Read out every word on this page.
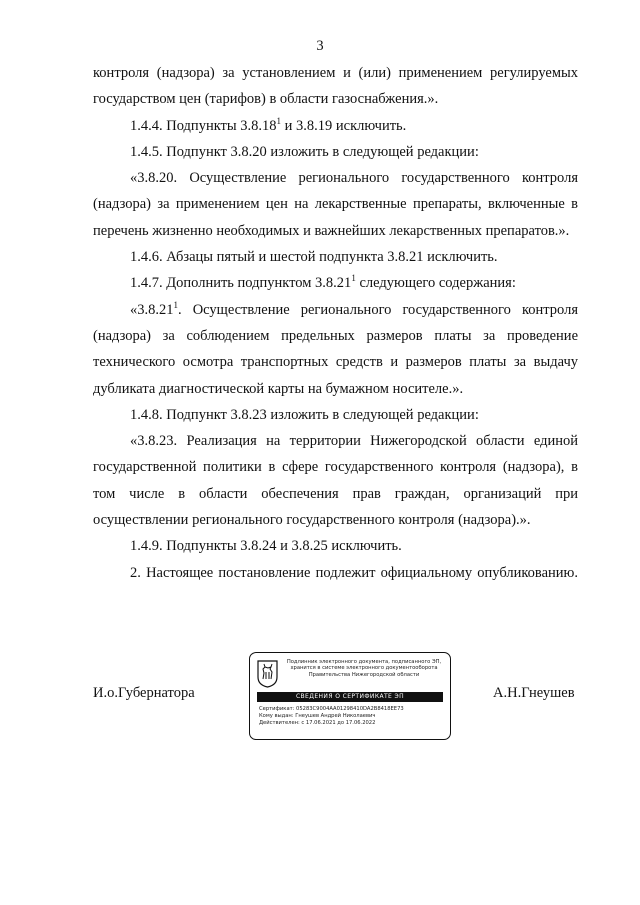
3

контроля (надзора) за установлением и (или) применением регулируемых государством цен (тарифов) в области газоснабжения.».

1.4.4. Подпункты 3.8.18$^1$ и 3.8.19 исключить.

1.4.5. Подпункт 3.8.20 изложить в следующей редакции:

«3.8.20. Осуществление регионального государственного контроля (надзора) за применением цен на лекарственные препараты, включенные в перечень жизненно необходимых и важнейших лекарственных препаратов.».

1.4.6. Абзацы пятый и шестой подпункта 3.8.21 исключить.

1.4.7. Дополнить подпунктом 3.8.21$^1$ следующего содержания:

«3.8.21$^1$. Осуществление регионального государственного контроля (надзора) за соблюдением предельных размеров платы за проведение технического осмотра транспортных средств и размеров платы за выдачу дубликата диагностической карты на бумажном носителе.».

1.4.8. Подпункт 3.8.23 изложить в следующей редакции:

«3.8.23. Реализация на территории Нижегородской области единой государственной политики в сфере государственного контроля (надзора), в том числе в области обеспечения прав граждан, организаций при осуществлении регионального государственного контроля (надзора).».

1.4.9. Подпункты 3.8.24 и 3.8.25 исключить.

2. Настоящее постановление подлежит официальному опубликованию.

И.о.Губернатора	А.Н.Гнеушев
Подлинник электронного документа, подписанного ЭП, хранится в системе электронного документооборота Правительства Нижегородской области
СВЕДЕНИЯ О СЕРТИФИКАТЕ ЭП
Сертификат: 05283C9004AA01298410DA2B8418EE73
Кому выдан: Гнеушев Андрей Николаевич
Действителен: с 17.06.2021 до 17.06.2022
